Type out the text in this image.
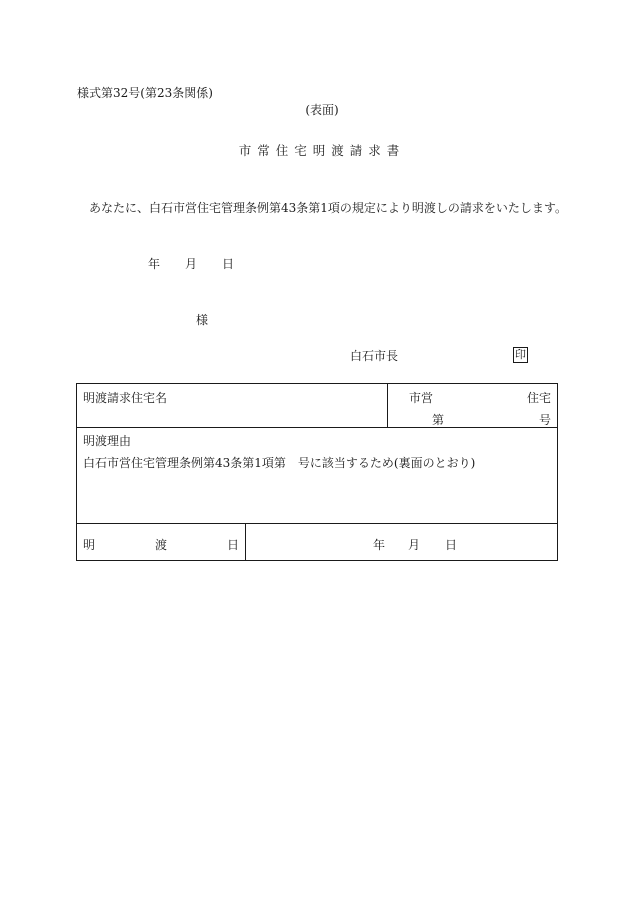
様式第32号(第23条関係)
(表面)
市常住宅明渡請求書
あなたに、白石市営住宅管理条例第43条第1項の規定により明渡しの請求をいたします。
年 月 日
様
白石市長	印
明渡請求住宅名		市営 住宅
第 号

明渡理由
白石市営住宅管理条例第43条第1項第　号に該当するため(裏面のとおり)		

明 渡 日	年 月 日	
